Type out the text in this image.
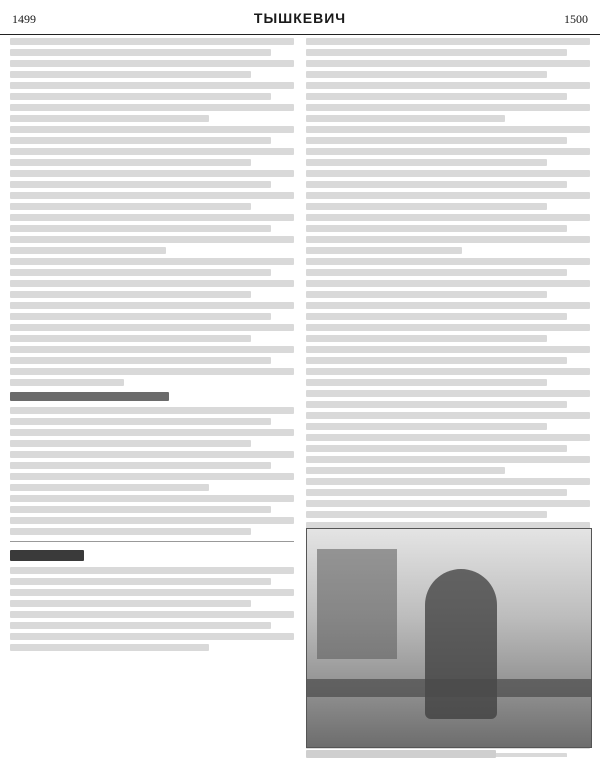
1499	ТЫШКЕВИЧ	1500
